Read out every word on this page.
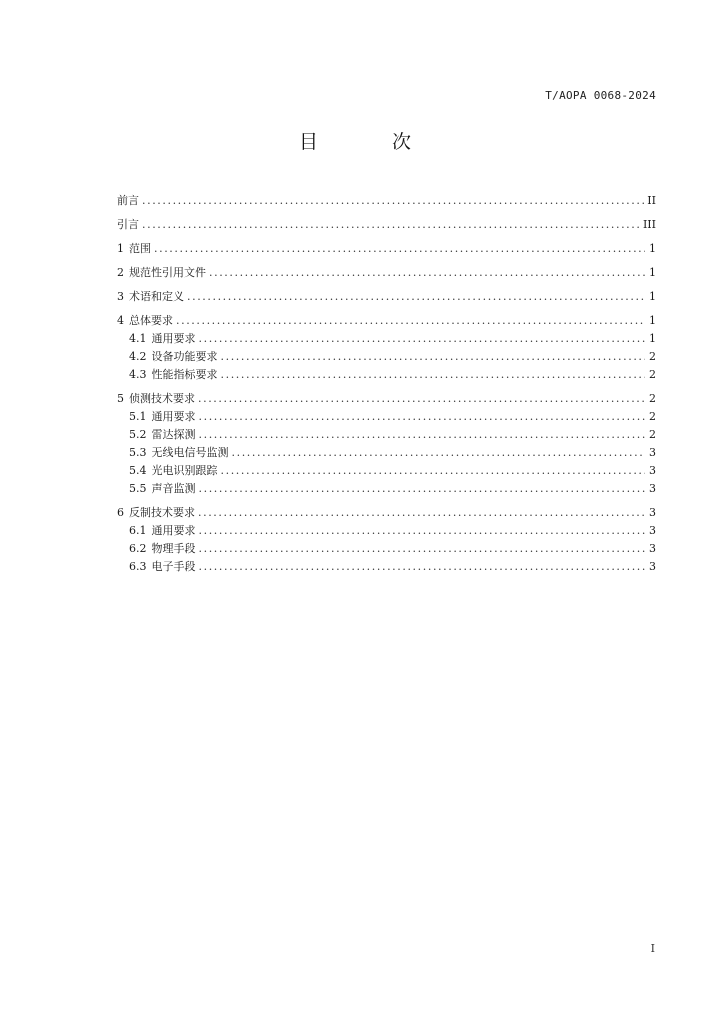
T/AOPA 0068-2024
目 次
前言 .....	II
引言 .....	III
1 范围 .....	1
2 规范性引用文件 .....	1
3 术语和定义 .....	1
4 总体要求 .....	1
4.1 通用要求 .....	1
4.2 设备功能要求 .....	2
4.3 性能指标要求 .....	2
5 侦测技术要求 .....	2
5.1 通用要求 .....	2
5.2 雷达探测 .....	2
5.3 无线电信号监测 .....	3
5.4 光电识别跟踪 .....	3
5.5 声音监测 .....	3
6 反制技术要求 .....	3
6.1 通用要求 .....	3
6.2 物理手段 .....	3
6.3 电子手段 .....	3
I
